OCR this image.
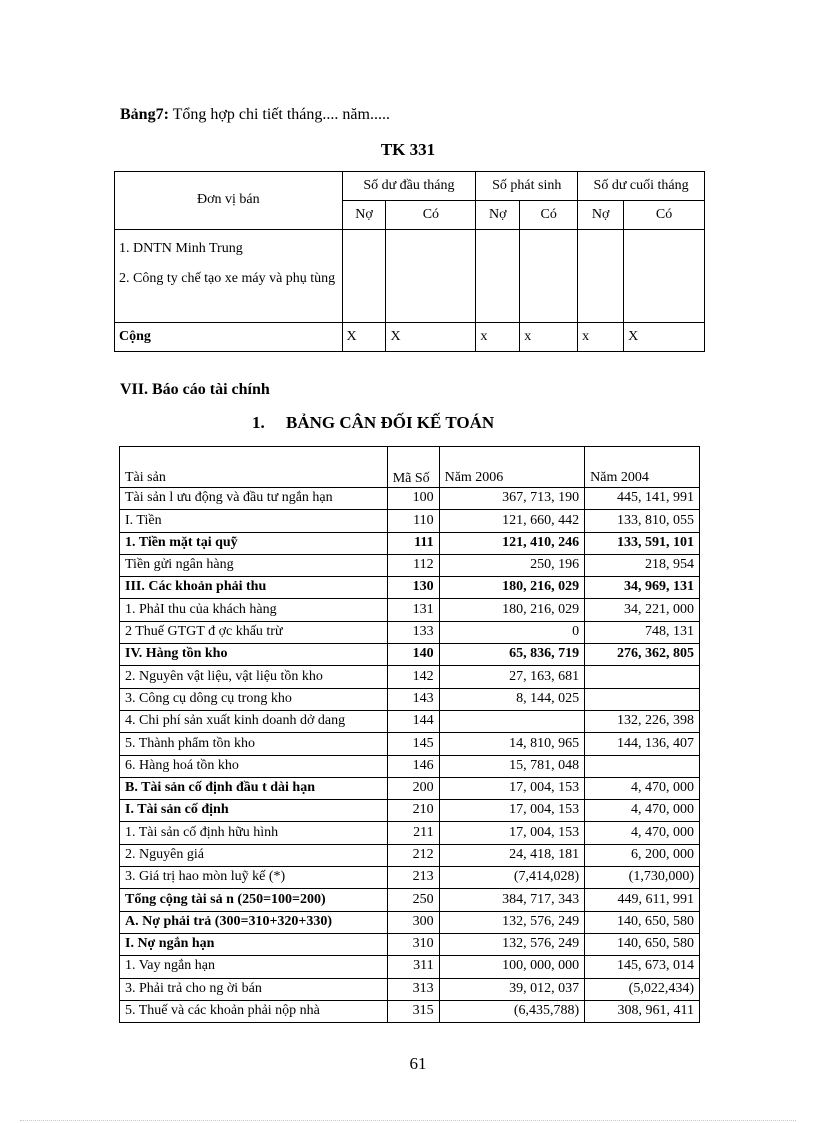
Bảng7: Tổng hợp chi tiết tháng.... năm.....
TK 331
Đơn vị bán	Số dư đầu tháng		Số phát sinh		Số dư cuối tháng	
	Nợ	Có	Nợ	Có	Nợ	Có

1. DNTN Minh Trung
2. Công ty chế tạo xe máy và phụ tùng						

Cộng	X	X	x	x	x	X
VII. Báo cáo tài chính
1. BẢNG CÂN ĐỐI KẾ TOÁN
Tài sản	Mã Số	Năm 2006	Năm 2004
Tài sản l ưu động và đầu tư ngắn hạn	100	367, 713, 190	445, 141, 991
I. Tiền	110	121, 660, 442	133, 810, 055
1. Tiền mặt tại quỹ	111	121, 410, 246	133, 591, 101
Tiền gửi ngân hàng	112	250, 196	218, 954
III. Các khoản phải thu	130	180, 216, 029	34, 969, 131
1. PhảI thu của khách hàng	131	180, 216, 029	34, 221, 000
2 Thuế GTGT đ ợc khấu trừ	133	0	748, 131
IV. Hàng tồn kho	140	65, 836, 719	276, 362, 805
2. Nguyên vật liệu, vật liệu tồn kho	142	27, 163, 681	
3. Công cụ dông cụ trong kho	143	8, 144, 025	
4. Chi phí sản xuất kinh doanh dở dang	144		132, 226, 398
5. Thành phẩm tồn kho	145	14, 810, 965	144, 136, 407
6. Hàng hoá tồn kho	146	15, 781, 048	
B. Tài sản cố định đầu t dài hạn	200	17, 004, 153	4, 470, 000
I. Tài sản cố định	210	17, 004, 153	4, 470, 000
1. Tài sản cố định hữu hình	211	17, 004, 153	4, 470, 000
2. Nguyên giá	212	24, 418, 181	6, 200, 000
3. Giá trị hao mòn luỹ kế (*)	213	(7,414,028)	(1,730,000)
Tổng cộng tài sả n (250=100=200)	250	384, 717, 343	449, 611, 991
A. Nợ phải trả (300=310+320+330)	300	132, 576, 249	140, 650, 580
I. Nợ ngắn hạn	310	132, 576, 249	140, 650, 580
1. Vay ngắn hạn	311	100, 000, 000	145, 673, 014
3. Phải trả cho ng ời bán	313	39, 012, 037	(5,022,434)
5. Thuế và các khoản phải nộp nhà	315	(6,435,788)	308, 961, 411
61
